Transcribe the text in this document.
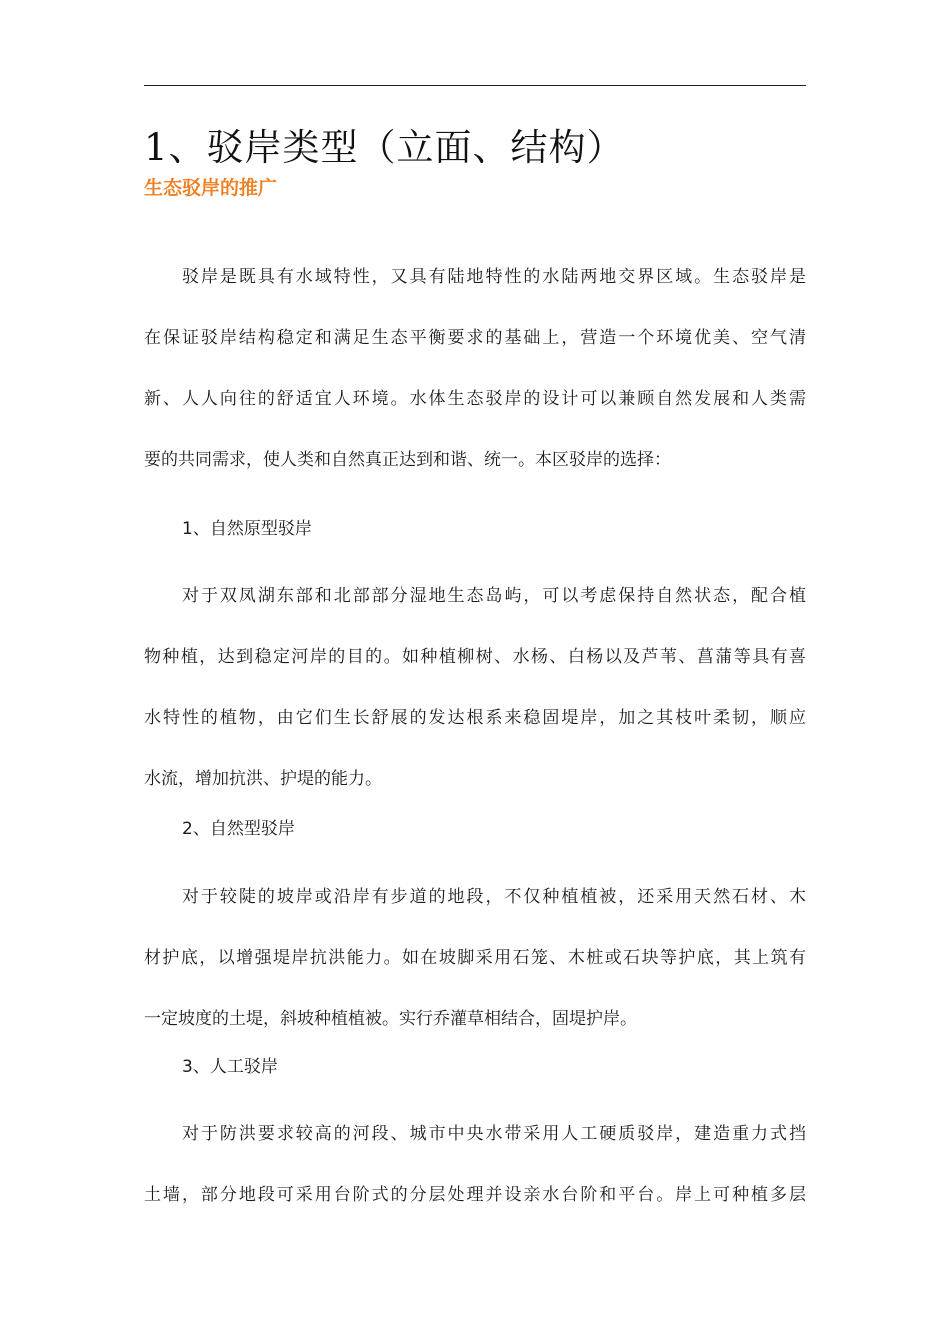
1、驳岸类型（立面、结构）
生态驳岸的推广
驳岸是既具有水域特性，又具有陆地特性的水陆两地交界区域。生态驳岸是
在保证驳岸结构稳定和满足生态平衡要求的基础上，营造一个环境优美、空气清
新、人人向往的舒适宜人环境。水体生态驳岸的设计可以兼顾自然发展和人类需
要的共同需求，使人类和自然真正达到和谐、统一。本区驳岸的选择：
1、自然原型驳岸
对于双凤湖东部和北部部分湿地生态岛屿，可以考虑保持自然状态，配合植
物种植，达到稳定河岸的目的。如种植柳树、水杨、白杨以及芦苇、菖蒲等具有喜
水特性的植物，由它们生长舒展的发达根系来稳固堤岸，加之其枝叶柔韧，顺应
水流，增加抗洪、护堤的能力。
2、自然型驳岸
对于较陡的坡岸或沿岸有步道的地段，不仅种植植被，还采用天然石材、木
材护底，以增强堤岸抗洪能力。如在坡脚采用石笼、木桩或石块等护底，其上筑有
一定坡度的土堤，斜坡种植植被。实行乔灌草相结合，固堤护岸。
3、人工驳岸
对于防洪要求较高的河段、城市中央水带采用人工硬质驳岸，建造重力式挡
土墙，部分地段可采用台阶式的分层处理并设亲水台阶和平台。岸上可种植多层
